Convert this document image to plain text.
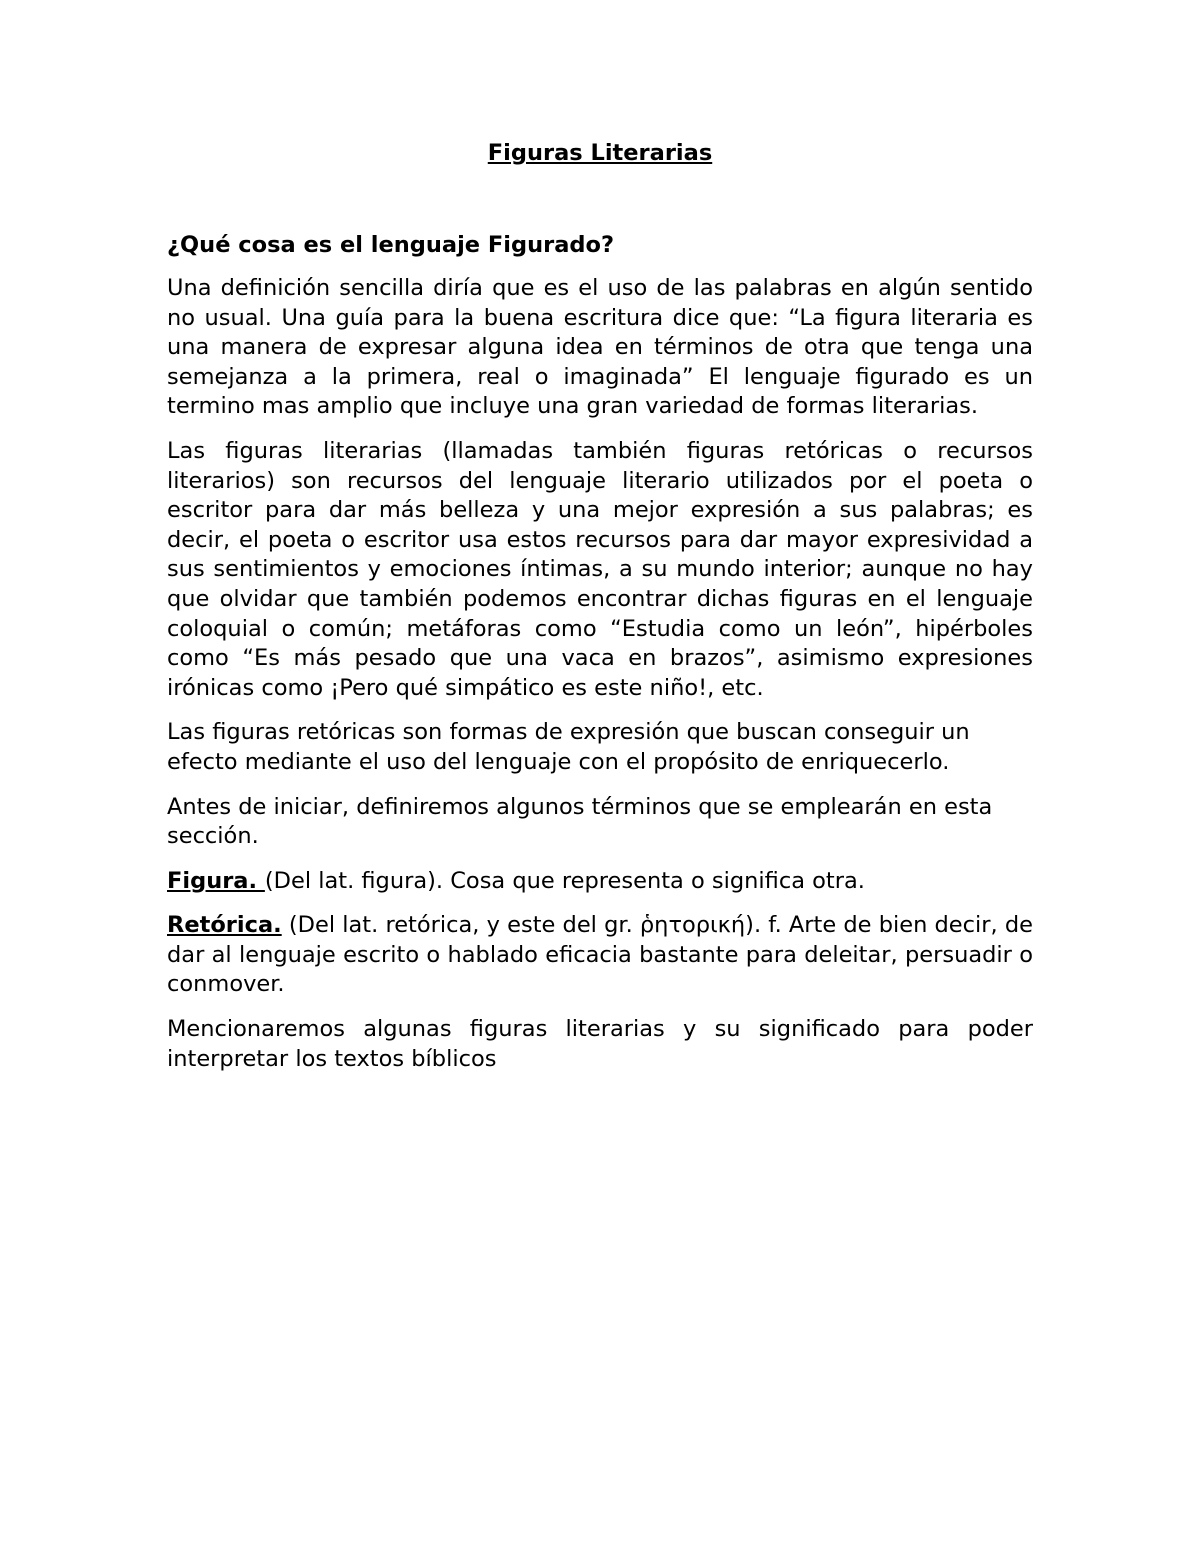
Figuras Literarias
¿Qué cosa es el lenguaje Figurado?

Una definición sencilla diría que es el uso de las palabras en algún sentido no usual. Una guía para la buena escritura dice que: “La figura literaria es una manera de expresar alguna idea en términos de otra que tenga una semejanza a la primera, real o imaginada” El lenguaje figurado es un termino mas amplio que incluye una gran variedad de formas literarias.

Las figuras literarias (llamadas también figuras retóricas o recursos literarios) son recursos del lenguaje literario utilizados por el poeta o escritor para dar más belleza y una mejor expresión a sus palabras; es decir, el poeta o escritor usa estos recursos para dar mayor expresividad a sus sentimientos y emociones íntimas, a su mundo interior; aunque no hay que olvidar que también podemos encontrar dichas figuras en el lenguaje coloquial o común; metáforas como “Estudia como un león”, hipérboles como “Es más pesado que una vaca en brazos”, asimismo expresiones irónicas como ¡Pero qué simpático es este niño!, etc.

Las figuras retóricas son formas de expresión que buscan conseguir un efecto mediante el uso del lenguaje con el propósito de enriquecerlo.

Antes de iniciar, definiremos algunos términos que se emplearán en esta sección.

Figura. (Del lat. figura). Cosa que representa o significa otra.

Retórica. (Del lat. retórica, y este del gr. ῥητορική). f. Arte de bien decir, de dar al lenguaje escrito o hablado eficacia bastante para deleitar, persuadir o conmover.

Mencionaremos algunas figuras literarias y su significado para poder interpretar los textos bíblicos
